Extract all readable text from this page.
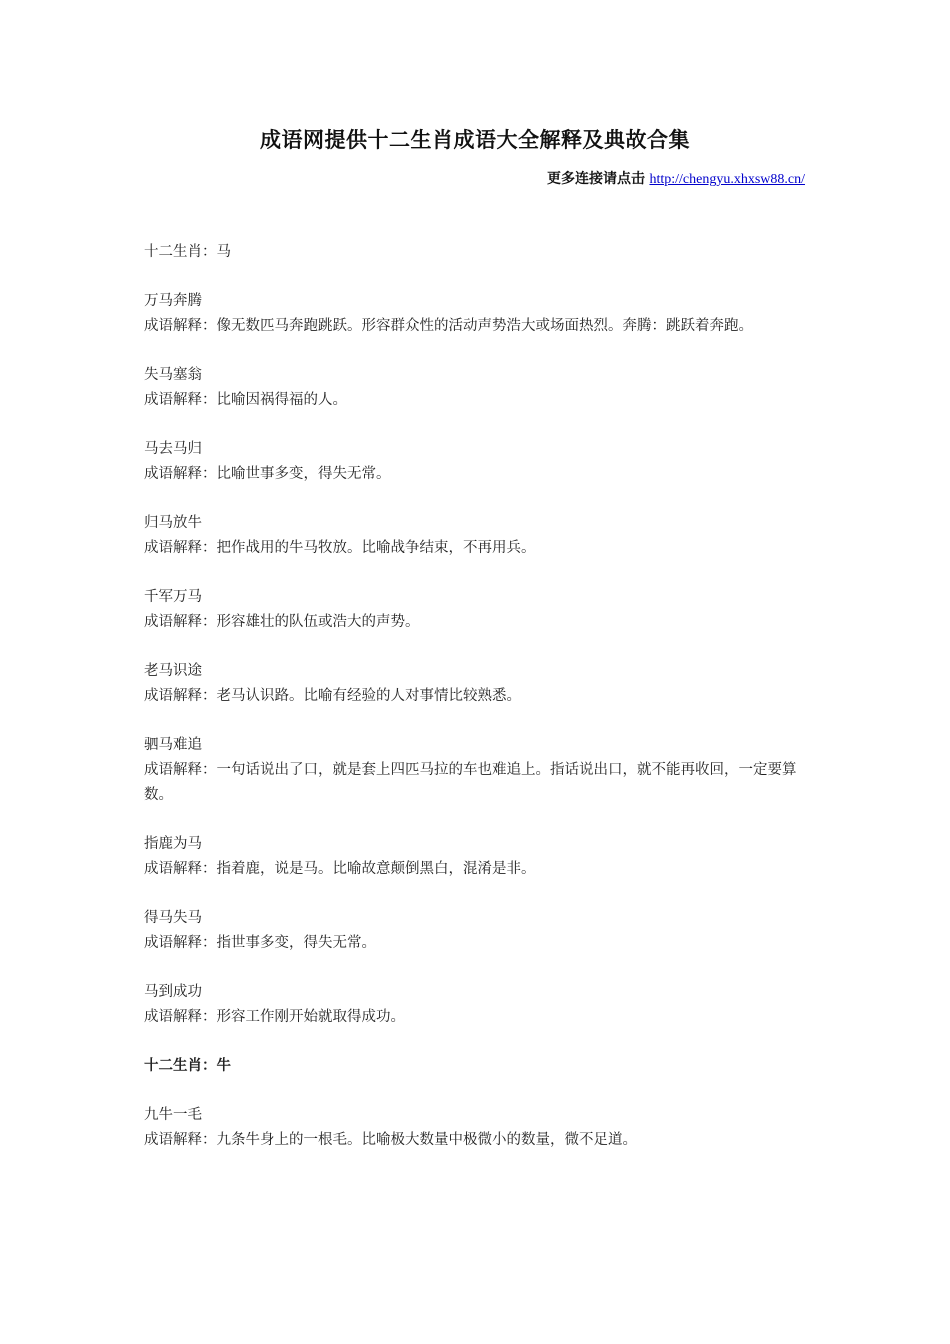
成语网提供十二生肖成语大全解释及典故合集
更多连接请点击 http://chengyu.xhxsw88.cn/
十二生肖：马
万马奔腾
成语解释：像无数匹马奔跑跳跃。形容群众性的活动声势浩大或场面热烈。奔腾：跳跃着奔跑。
失马塞翁
成语解释：比喻因祸得福的人。
马去马归
成语解释：比喻世事多变，得失无常。
归马放牛
成语解释：把作战用的牛马牧放。比喻战争结束，不再用兵。
千军万马
成语解释：形容雄壮的队伍或浩大的声势。
老马识途
成语解释：老马认识路。比喻有经验的人对事情比较熟悉。
驷马难追
成语解释：一句话说出了口，就是套上四匹马拉的车也难追上。指话说出口，就不能再收回，一定要算数。
指鹿为马
成语解释：指着鹿，说是马。比喻故意颠倒黑白，混淆是非。
得马失马
成语解释：指世事多变，得失无常。
马到成功
成语解释：形容工作刚开始就取得成功。
十二生肖：牛
九牛一毛
成语解释：九条牛身上的一根毛。比喻极大数量中极微小的数量，微不足道。
